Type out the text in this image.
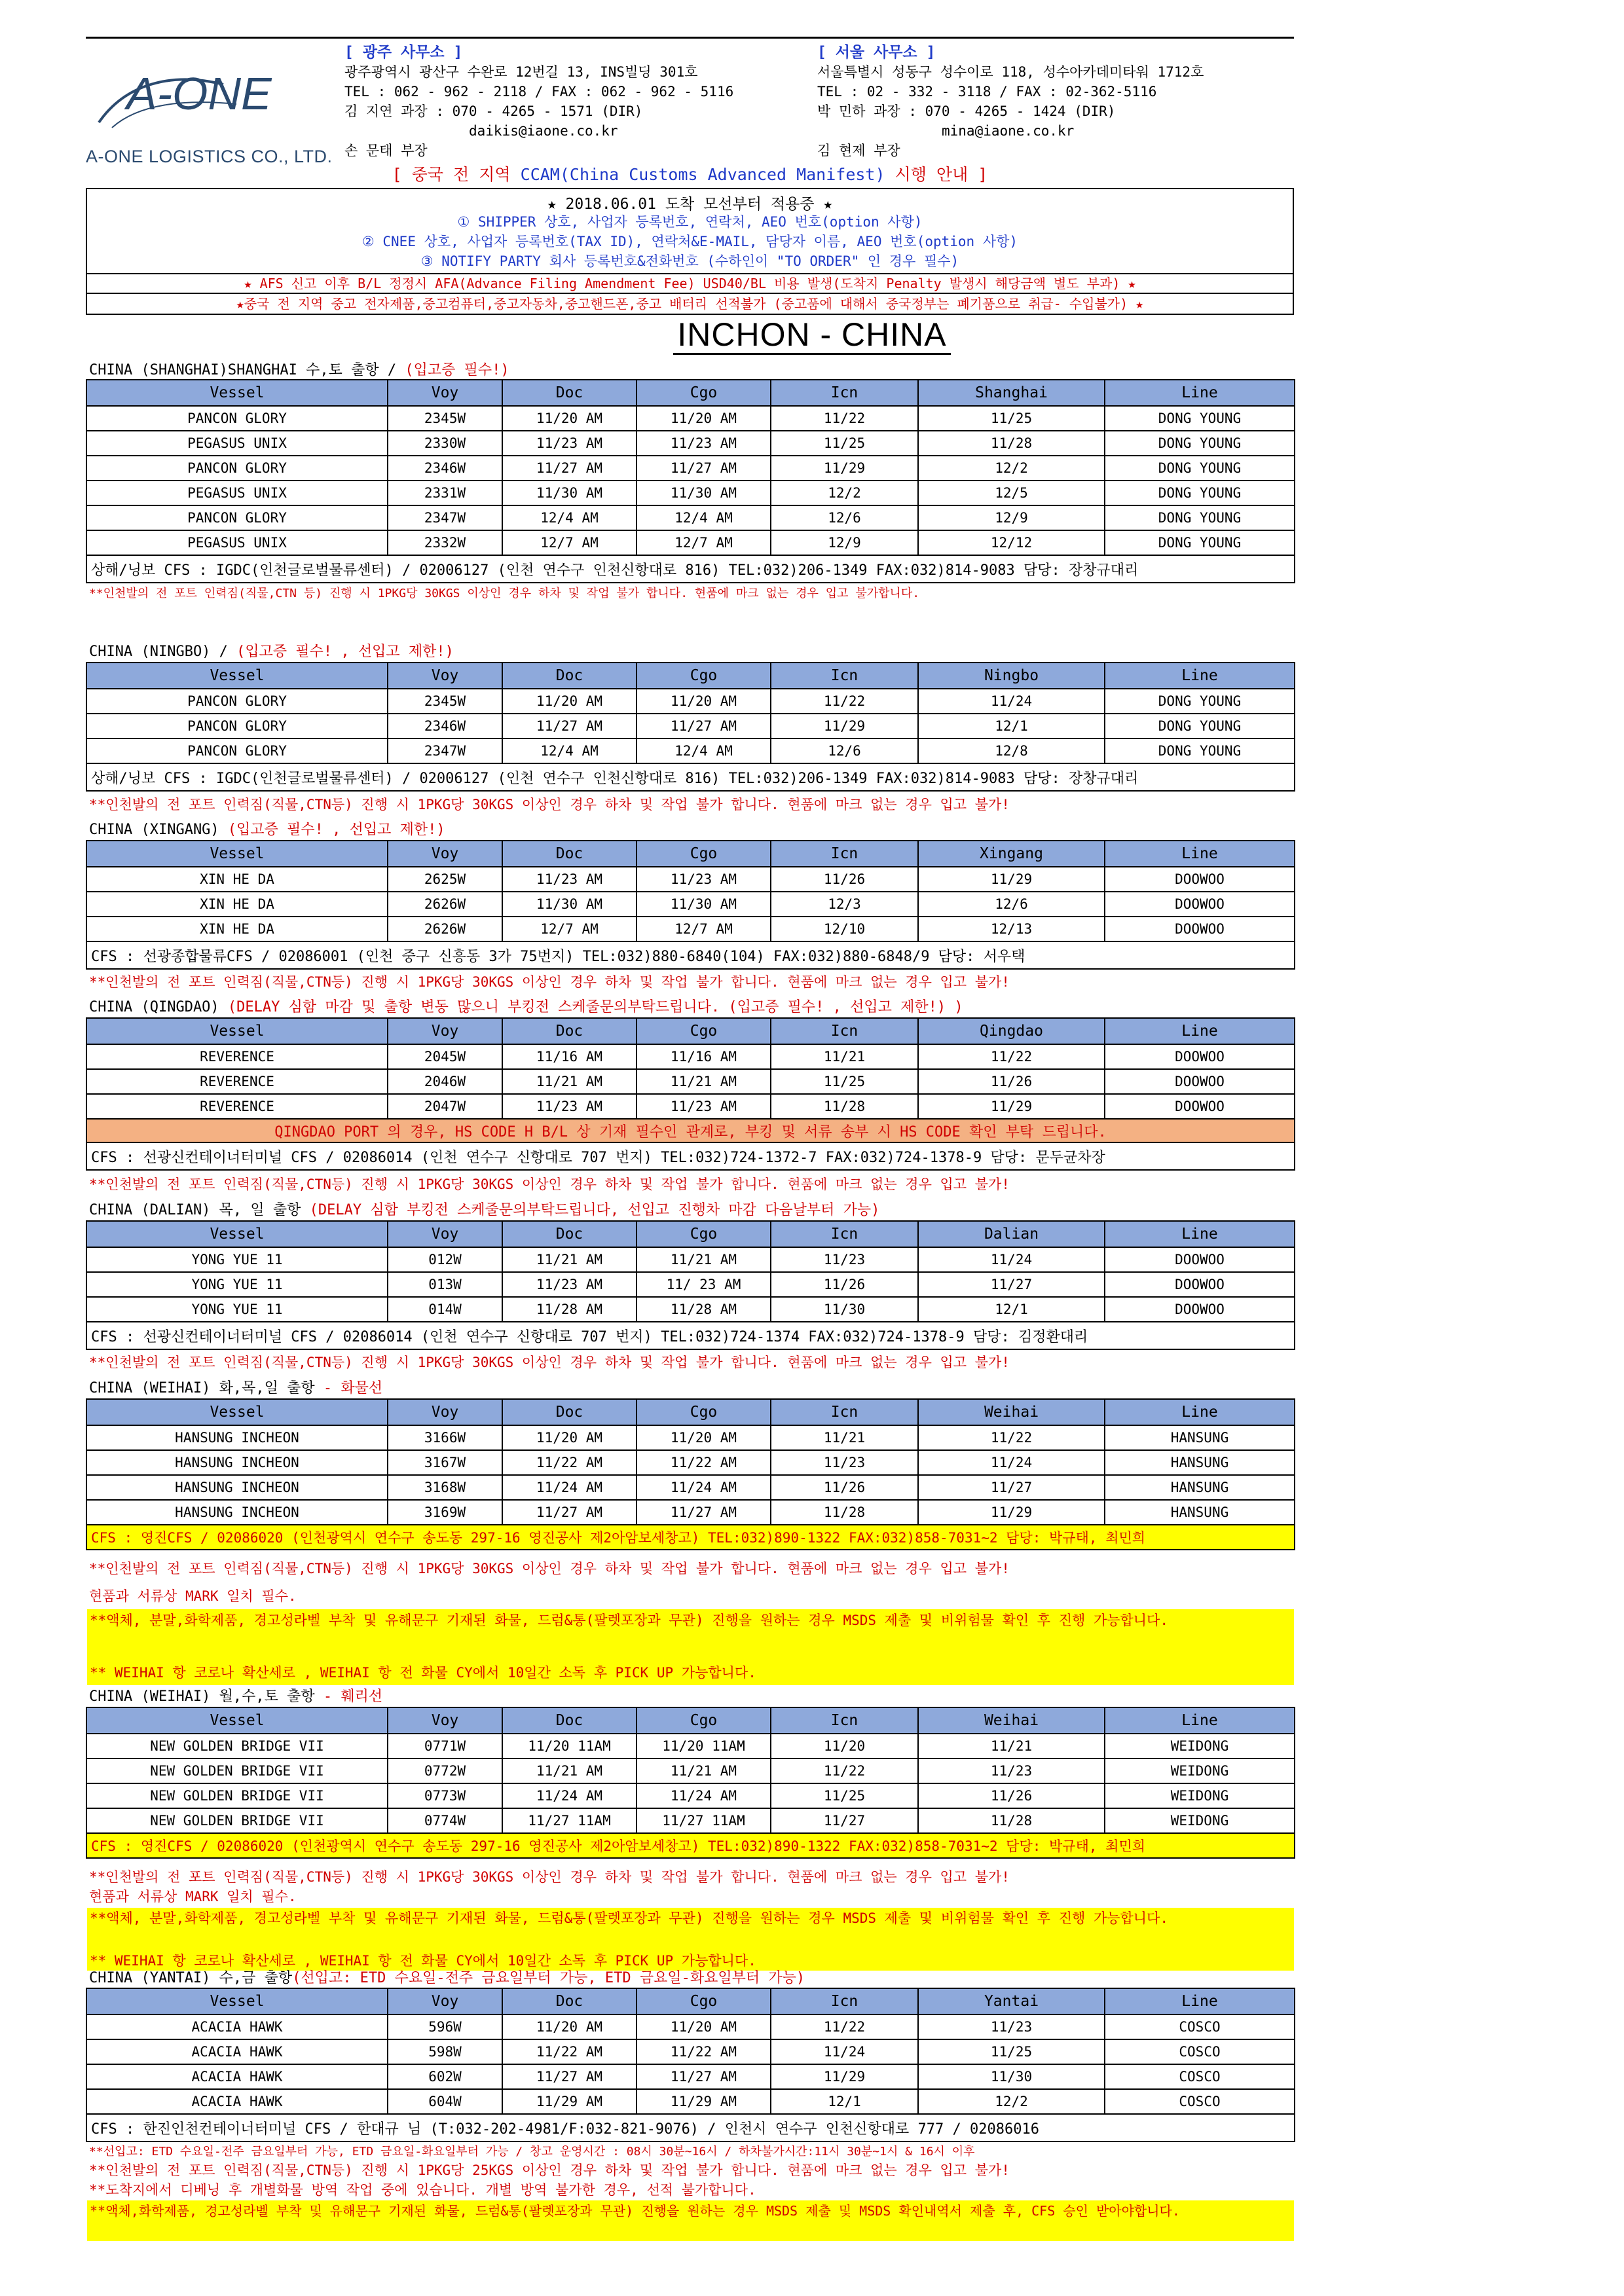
A-ONE
A-ONE LOGISTICS CO., LTD.
[ 광주 사무소 ]
광주광역시 광산구 수완로 12번길 13, INS빌딩 301호
TEL : 062 - 962 - 2118 / FAX : 062 - 962 - 5116
김 지연 과장 : 070 - 4265 - 1571 (DIR)
daikis@iaone.co.kr
손 문태 부장
[ 서울 사무소 ]
서울특별시 성동구 성수이로 118, 성수아카데미타워 1712호
TEL : 02 - 332 - 3118 / FAX : 02-362-5116
박 민하 과장 : 070 - 4265 - 1424 (DIR)
mina@iaone.co.kr
김 현제 부장
[ 중국 전 지역 CCAM(China Customs Advanced Manifest) 시행 안내 ]
★ 2018.06.01 도착 모선부터 적용중 ★
① SHIPPER 상호, 사업자 등록번호, 연락처, AEO 번호(option 사항)
② CNEE 상호, 사업자 등록번호(TAX ID), 연락처&E-MAIL, 담당자 이름, AEO 번호(option 사항)
③ NOTIFY PARTY 회사 등록번호&전화번호 (수하인이 "TO ORDER" 인 경우 필수)
★ AFS 신고 이후 B/L 정정시 AFA(Advance Filing Amendment Fee) USD40/BL 비용 발생(도착지 Penalty 발생시 해당금액 별도 부과) ★
★중국 전 지역 중고 전자제품,중고컴퓨터,중고자동차,중고핸드폰,중고 배터리 선적불가 (중고품에 대해서 중국정부는 폐기품으로 취급- 수입불가) ★
INCHON - CHINA
CHINA (SHANGHAI)SHANGHAI 수,토 출항 / (입고증 필수!)
Vessel	Voy	Doc	Cgo	Icn	Shanghai	Line
PANCON GLORY	2345W	11/20 AM	11/20 AM	11/22	11/25	DONG YOUNG
PEGASUS UNIX	2330W	11/23 AM	11/23 AM	11/25	11/28	DONG YOUNG
PANCON GLORY	2346W	11/27 AM	11/27 AM	11/29	12/2	DONG YOUNG
PEGASUS UNIX	2331W	11/30 AM	11/30 AM	12/2	12/5	DONG YOUNG
PANCON GLORY	2347W	12/4 AM	12/4 AM	12/6	12/9	DONG YOUNG
PEGASUS UNIX	2332W	12/7 AM	12/7 AM	12/9	12/12	DONG YOUNG
상해/닝보 CFS : IGDC(인천글로벌물류센터) / 02006127 (인천 연수구 인천신항대로 816) TEL:032)206-1349 FAX:032)814-9083 담당: 장창규대리						
**인천발의 전 포트 인력짐(직물,CTN 등) 진행 시 1PKG당 30KGS 이상인 경우 하차 및 작업 불가 합니다. 현품에 마크 없는 경우 입고 불가합니다.
CHINA (NINGBO) / (입고증 필수! , 선입고 제한!)
Vessel	Voy	Doc	Cgo	Icn	Ningbo	Line
PANCON GLORY	2345W	11/20 AM	11/20 AM	11/22	11/24	DONG YOUNG
PANCON GLORY	2346W	11/27 AM	11/27 AM	11/29	12/1	DONG YOUNG
PANCON GLORY	2347W	12/4 AM	12/4 AM	12/6	12/8	DONG YOUNG
상해/닝보 CFS : IGDC(인천글로벌물류센터) / 02006127 (인천 연수구 인천신항대로 816) TEL:032)206-1349 FAX:032)814-9083 담당: 장창규대리						
**인천발의 전 포트 인력짐(직물,CTN등) 진행 시 1PKG당 30KGS 이상인 경우 하차 및 작업 불가 합니다. 현품에 마크 없는 경우 입고 불가!
CHINA (XINGANG) (입고증 필수! , 선입고 제한!)
Vessel	Voy	Doc	Cgo	Icn	Xingang	Line
XIN HE DA	2625W	11/23 AM	11/23 AM	11/26	11/29	DOOWOO
XIN HE DA	2626W	11/30 AM	11/30 AM	12/3	12/6	DOOWOO
XIN HE DA	2626W	12/7 AM	12/7 AM	12/10	12/13	DOOWOO
CFS : 선광종합물류CFS / 02086001 (인천 중구 신흥동 3가 75번지) TEL:032)880-6840(104) FAX:032)880-6848/9 담당: 서우택						
**인천발의 전 포트 인력짐(직물,CTN등) 진행 시 1PKG당 30KGS 이상인 경우 하차 및 작업 불가 합니다. 현품에 마크 없는 경우 입고 불가!
CHINA (QINGDAO) (DELAY 심함 마감 및 출항 변동 많으니 부킹전 스케줄문의부탁드립니다. (입고증 필수! , 선입고 제한!) )
Vessel	Voy	Doc	Cgo	Icn	Qingdao	Line
REVERENCE	2045W	11/16 AM	11/16 AM	11/21	11/22	DOOWOO
REVERENCE	2046W	11/21 AM	11/21 AM	11/25	11/26	DOOWOO
REVERENCE	2047W	11/23 AM	11/23 AM	11/28	11/29	DOOWOO
QINGDAO PORT 의 경우, HS CODE H B/L 상 기재 필수인 관계로, 부킹 및 서류 송부 시 HS CODE 확인 부탁 드립니다.						
CFS : 선광신컨테이너터미널 CFS / 02086014 (인천 연수구 신항대로 707 번지) TEL:032)724-1372-7 FAX:032)724-1378-9 담당: 문두균차장						
**인천발의 전 포트 인력짐(직물,CTN등) 진행 시 1PKG당 30KGS 이상인 경우 하차 및 작업 불가 합니다. 현품에 마크 없는 경우 입고 불가!
CHINA (DALIAN) 목, 일 출항 (DELAY 심함 부킹전 스케줄문의부탁드립니다, 선입고 진행차 마감 다음날부터 가능)
Vessel	Voy	Doc	Cgo	Icn	Dalian	Line
YONG YUE 11	012W	11/21 AM	11/21 AM	11/23	11/24	DOOWOO
YONG YUE 11	013W	11/23 AM	11/ 23 AM	11/26	11/27	DOOWOO
YONG YUE 11	014W	11/28 AM	11/28 AM	11/30	12/1	DOOWOO
CFS : 선광신컨테이너터미널 CFS / 02086014 (인천 연수구 신항대로 707 번지) TEL:032)724-1374 FAX:032)724-1378-9 담당: 김정환대리						
**인천발의 전 포트 인력짐(직물,CTN등) 진행 시 1PKG당 30KGS 이상인 경우 하차 및 작업 불가 합니다. 현품에 마크 없는 경우 입고 불가!
CHINA (WEIHAI) 화,목,일 출항 - 화물선
Vessel	Voy	Doc	Cgo	Icn	Weihai	Line
HANSUNG INCHEON	3166W	11/20 AM	11/20 AM	11/21	11/22	HANSUNG
HANSUNG INCHEON	3167W	11/22 AM	11/22 AM	11/23	11/24	HANSUNG
HANSUNG INCHEON	3168W	11/24 AM	11/24 AM	11/26	11/27	HANSUNG
HANSUNG INCHEON	3169W	11/27 AM	11/27 AM	11/28	11/29	HANSUNG
CFS : 영진CFS / 02086020 (인천광역시 연수구 송도동 297-16 영진공사 제2아암보세창고) TEL:032)890-1322 FAX:032)858-7031~2 담당: 박규태, 최민희						
**인천발의 전 포트 인력짐(직물,CTN등) 진행 시 1PKG당 30KGS 이상인 경우 하차 및 작업 불가 합니다. 현품에 마크 없는 경우 입고 불가!
현품과 서류상 MARK 일치 필수.
**액체, 분말,화학제품, 경고성라벨 부착 및 유해문구 기재된 화물, 드럼&통(팔렛포장과 무관) 진행을 원하는 경우 MSDS 제출 및 비위험물 확인 후 진행 가능합니다.
** WEIHAI 항 코로나 확산세로 , WEIHAI 항 전 화물 CY에서 10일간 소독 후 PICK UP 가능합니다.
CHINA (WEIHAI) 월,수,토 출항 - 훼리선
Vessel	Voy	Doc	Cgo	Icn	Weihai	Line
NEW GOLDEN BRIDGE VII	0771W	11/20 11AM	11/20 11AM	11/20	11/21	WEIDONG
NEW GOLDEN BRIDGE VII	0772W	11/21 AM	11/21 AM	11/22	11/23	WEIDONG
NEW GOLDEN BRIDGE VII	0773W	11/24 AM	11/24 AM	11/25	11/26	WEIDONG
NEW GOLDEN BRIDGE VII	0774W	11/27 11AM	11/27 11AM	11/27	11/28	WEIDONG
CFS : 영진CFS / 02086020 (인천광역시 연수구 송도동 297-16 영진공사 제2아암보세창고) TEL:032)890-1322 FAX:032)858-7031~2 담당: 박규태, 최민희						
**인천발의 전 포트 인력짐(직물,CTN등) 진행 시 1PKG당 30KGS 이상인 경우 하차 및 작업 불가 합니다. 현품에 마크 없는 경우 입고 불가!
현품과 서류상 MARK 일치 필수.
**액체, 분말,화학제품, 경고성라벨 부착 및 유해문구 기재된 화물, 드럼&통(팔렛포장과 무관) 진행을 원하는 경우 MSDS 제출 및 비위험물 확인 후 진행 가능합니다.
** WEIHAI 항 코로나 확산세로 , WEIHAI 항 전 화물 CY에서 10일간 소독 후 PICK UP 가능합니다.
CHINA (YANTAI) 수,금 출항(선입고: ETD 수요일-전주 금요일부터 가능, ETD 금요일-화요일부터 가능)
Vessel	Voy	Doc	Cgo	Icn	Yantai	Line
ACACIA HAWK	596W	11/20 AM	11/20 AM	11/22	11/23	COSCO
ACACIA HAWK	598W	11/22 AM	11/22 AM	11/24	11/25	COSCO
ACACIA HAWK	602W	11/27 AM	11/27 AM	11/29	11/30	COSCO
ACACIA HAWK	604W	11/29 AM	11/29 AM	12/1	12/2	COSCO
CFS : 한진인천컨테이너터미널 CFS / 한대규 님 (T:032-202-4981/F:032-821-9076) / 인천시 연수구 인천신항대로 777 / 02086016						
**선입고: ETD 수요일-전주 금요일부터 가능, ETD 금요일-화요일부터 가능 / 창고 운영시간 : 08시 30분~16시 / 하차불가시간:11시 30분~1시 & 16시 이후
**인천발의 전 포트 인력짐(직물,CTN등) 진행 시 1PKG당 25KGS 이상인 경우 하차 및 작업 불가 합니다. 현품에 마크 없는 경우 입고 불가!
**도착지에서 디베닝 후 개별화물 방역 작업 중에 있습니다. 개별 방역 불가한 경우, 선적 불가합니다.
**액체,화학제품, 경고성라벨 부착 및 유해문구 기재된 화물, 드럼&통(팔렛포장과 무관) 진행을 원하는 경우 MSDS 제출 및 MSDS 확인내역서 제출 후, CFS 승인 받아야합니다.
